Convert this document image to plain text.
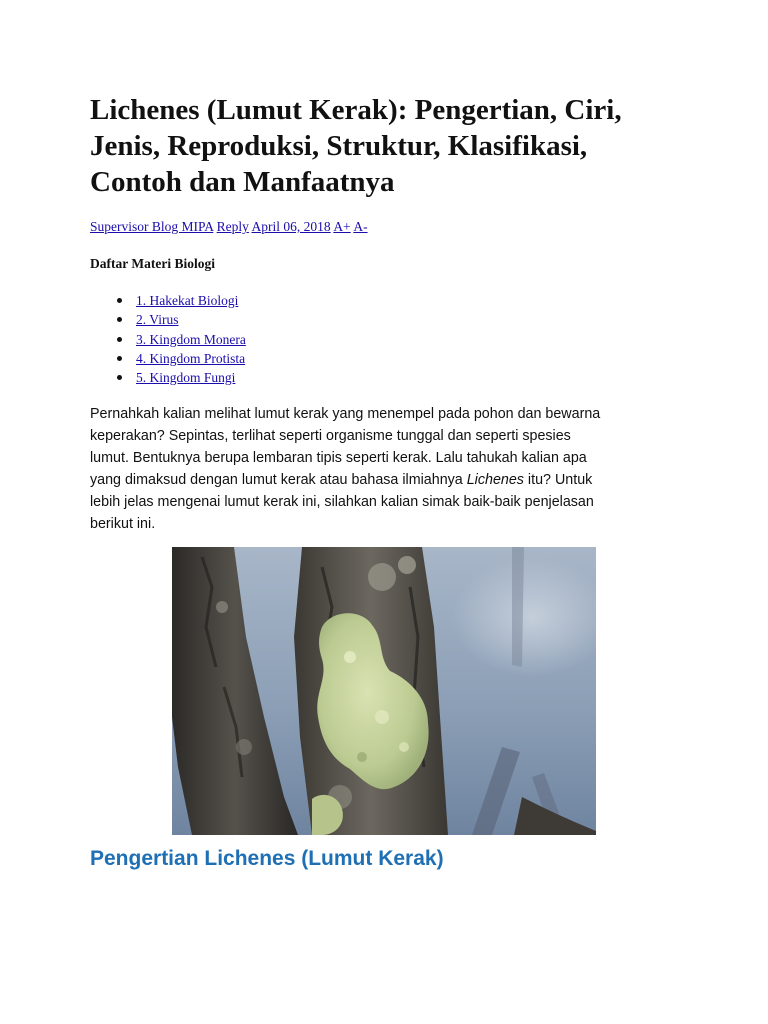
Lichenes (Lumut Kerak): Pengertian, Ciri,
Jenis, Reproduksi, Struktur, Klasifikasi,
Contoh dan Manfaatnya
Supervisor Blog MIPA Reply April 06, 2018 A+ A-
Daftar Materi Biologi
1. Hakekat Biologi
2. Virus
3. Kingdom Monera
4. Kingdom Protista
5. Kingdom Fungi
Pernahkah kalian melihat lumut kerak yang menempel pada pohon dan bewarna
keperakan? Sepintas, terlihat seperti organisme tunggal dan seperti spesies
lumut. Bentuknya berupa lembaran tipis seperti kerak. Lalu tahukah kalian apa
yang dimaksud dengan lumut kerak atau bahasa ilmiahnya Lichenes itu? Untuk
lebih jelas mengenai lumut kerak ini, silahkan kalian simak baik-baik penjelasan
berikut ini.
Pengertian Lichenes (Lumut Kerak)
